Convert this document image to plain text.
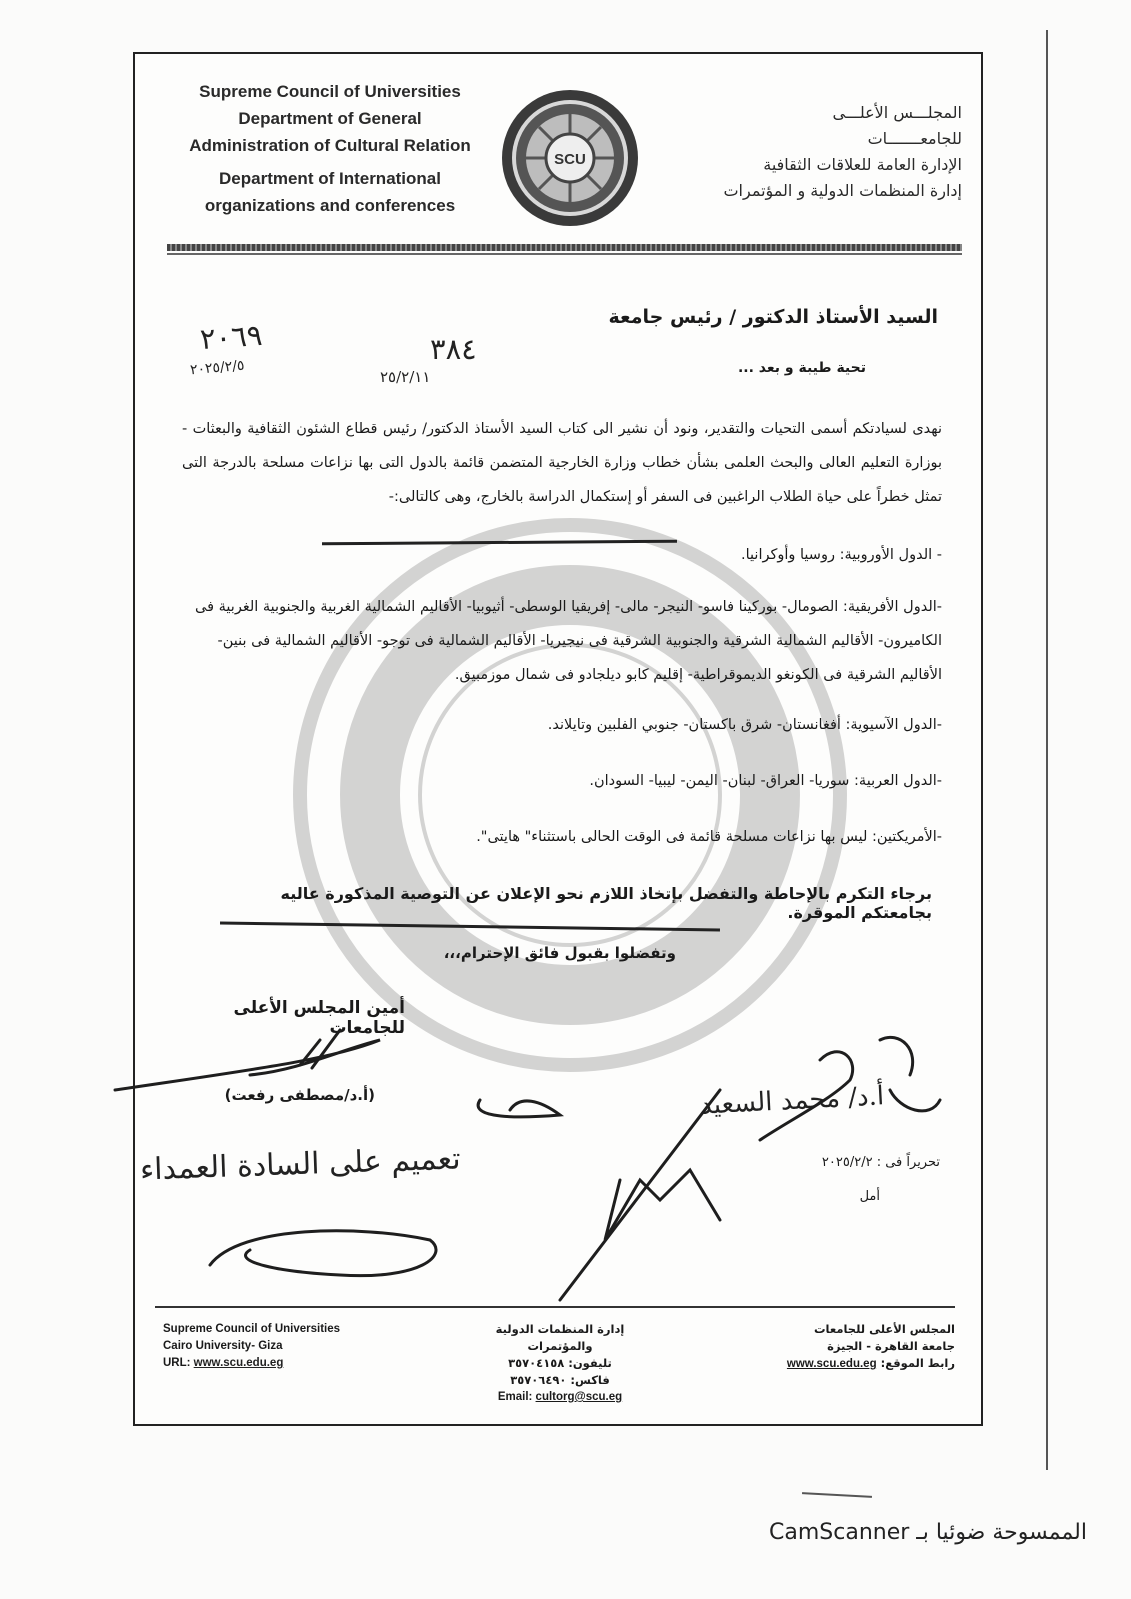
Supreme Council of Universities
Department of General
Administration of Cultural Relation
Department of International
organizations and conferences
SCU
المجلـــس الأعلـــى
للجامعـــــــات
الإدارة العامة للعلاقات الثقافية
إدارة المنظمات الدولية و المؤتمرات
٢٠٦٩
٢٠٢٥/٢/٥
٣٨٤
٢٥/٢/١١
السيد الأستاذ الدكتور / رئيس جامعة
تحية طيبة و بعد ...
نهدى لسيادتكم أسمى التحيات والتقدير، ونود أن نشير الى كتاب السيد الأستاذ الدكتور/ رئيس قطاع الشئون الثقافية والبعثات - بوزارة التعليم العالى والبحث العلمى بشأن خطاب وزارة الخارجية المتضمن قائمة بالدول التى بها نزاعات مسلحة بالدرجة التى تمثل خطراً على حياة الطلاب الراغبين فى السفر أو إستكمال الدراسة بالخارج، وهى كالتالى:-
- الدول الأوروبية: روسيا وأوكرانيا.
-الدول الأفريقية: الصومال- بوركينا فاسو- النيجر- مالى- إفريقيا الوسطى- أثيوبيا- الأقاليم الشمالية الغربية والجنوبية الغربية فى الكاميرون- الأقاليم الشمالية الشرقية والجنوبية الشرقية فى نيجيريا- الأقاليم الشمالية فى توجو- الأقاليم الشمالية فى بنين- الأقاليم الشرقية فى الكونغو الديموقراطية- إقليم كابو ديلجادو فى شمال موزمبيق.
-الدول الآسيوية: أفغانستان- شرق باكستان- جنوبي الفلبين وتايلاند.
-الدول العربية: سوريا- العراق- لبنان- اليمن- ليبيا- السودان.
-الأمريكتين: ليس بها نزاعات مسلحة قائمة فى الوقت الحالى باستثناء" هايتى".
برجاء التكرم بالإحاطة والتفضل بإتخاذ اللازم نحو الإعلان عن التوصية المذكورة عاليه بجامعتكم الموقرة.
وتفضلوا بقبول فائق الإحترام،،،
أمين المجلس الأعلى للجامعات
(أ.د/مصطفى رفعت)
تحريراً فى : ٢٠٢٥/٢/٢
أمل
أ.د/ محمد السعيد
تعميم على السادة العمداء
Supreme Council of Universities
Cairo University- Giza
URL: www.scu.edu.eg
إدارة المنظمات الدولية والمؤتمرات
تليفون: ٣٥٧٠٤١٥٨
فاكس: ٣٥٧٠٦٤٩٠
Email: cultorg@scu.eg
المجلس الأعلى للجامعات
جامعة القاهرة - الجيزة
رابط الموقع: www.scu.edu.eg
الممسوحة ضوئيا بـ CamScanner
